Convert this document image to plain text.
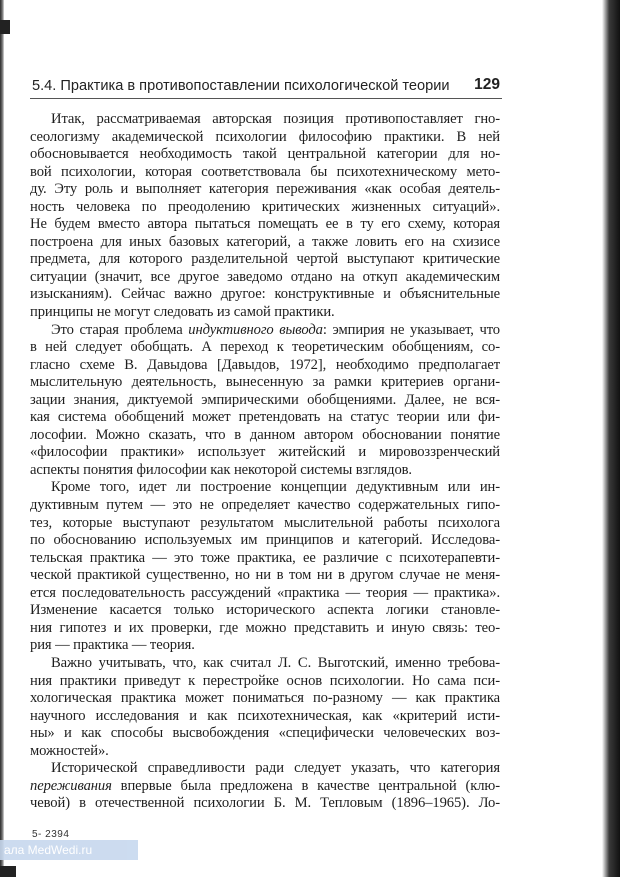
5.4. Практика в противопоставлении психологической теории 129
Итак, рассматриваемая авторская позиция противопоставляет гно-
сеологизму академической психологии философию практики. В ней
обосновывается необходимость такой центральной категории для но-
вой психологии, которая соответствовала бы психотехническому мето-
ду. Эту роль и выполняет категория переживания «как особая деятель-
ность человека по преодолению критических жизненных ситуаций».
Не будем вместо автора пытаться помещать ее в ту его схему, которая
построена для иных базовых категорий, а также ловить его на схизисе
предмета, для которого разделительной чертой выступают критические
ситуации (значит, все другое заведомо отдано на откуп академическим
изысканиям). Сейчас важно другое: конструктивные и объяснительные
принципы не могут следовать из самой практики.
Это старая проблема индуктивного вывода: эмпирия не указывает, что
в ней следует обобщать. А переход к теоретическим обобщениям, со-
гласно схеме В. Давыдова [Давыдов, 1972], необходимо предполагает
мыслительную деятельность, вынесенную за рамки критериев органи-
зации знания, диктуемой эмпирическими обобщениями. Далее, не вся-
кая система обобщений может претендовать на статус теории или фи-
лософии. Можно сказать, что в данном автором обосновании понятие
«философии практики» использует житейский и мировоззренческий
аспекты понятия философии как некоторой системы взглядов.
Кроме того, идет ли построение концепции дедуктивным или ин-
дуктивным путем — это не определяет качество содержательных гипо-
тез, которые выступают результатом мыслительной работы психолога
по обоснованию используемых им принципов и категорий. Исследова-
тельская практика — это тоже практика, ее различие с психотерапевти-
ческой практикой существенно, но ни в том ни в другом случае не меня-
ется последовательность рассуждений «практика — теория — практика».
Изменение касается только исторического аспекта логики становле-
ния гипотез и их проверки, где можно представить и иную связь: тео-
рия — практика — теория.
Важно учитывать, что, как считал Л. С. Выготский, именно требова-
ния практики приведут к перестройке основ психологии. Но сама пси-
хологическая практика может пониматься по-разному — как практика
научного исследования и как психотехническая, как «критерий исти-
ны» и как способы высвобождения «специфически человеческих воз-
можностей».
Исторической справедливости ради следует указать, что категория
переживания впервые была предложена в качестве центральной (клю-
чевой) в отечественной психологии Б. М. Тепловым (1896–1965). Ло-
5- 2394
ала MedWedi.ru
